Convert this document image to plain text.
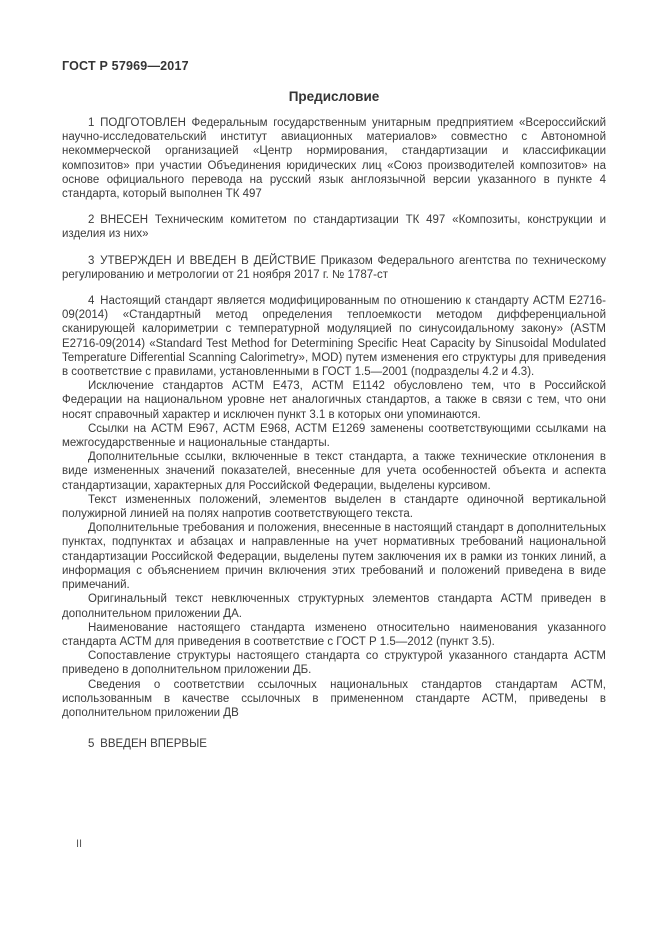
ГОСТ Р 57969—2017
Предисловие

1 ПОДГОТОВЛЕН Федеральным государственным унитарным предприятием «Всероссийский научно-исследовательский институт авиационных материалов» совместно с Автономной некоммерческой организацией «Центр нормирования, стандартизации и классификации композитов» при участии Объединения юридических лиц «Союз производителей композитов» на основе официального перевода на русский язык англоязычной версии указанного в пункте 4 стандарта, который выполнен ТК 497

2 ВНЕСЕН Техническим комитетом по стандартизации ТК 497 «Композиты, конструкции и изделия из них»

3 УТВЕРЖДЕН И ВВЕДЕН В ДЕЙСТВИЕ Приказом Федерального агентства по техническому регулированию и метрологии от 21 ноября 2017 г. № 1787-ст

4 Настоящий стандарт является модифицированным по отношению к стандарту АСТМ Е2716-09(2014) «Стандартный метод определения теплоемкости методом дифференциальной сканирующей калориметрии с температурной модуляцией по синусоидальному закону» (ASTM E2716-09(2014) «Standard Test Method for Determining Specific Heat Capacity by Sinusoidal Modulated Temperature Differential Scanning Calorimetry», MOD) путем изменения его структуры для приведения в соответствие с правилами, установленными в ГОСТ 1.5—2001 (подразделы 4.2 и 4.3).

Исключение стандартов АСТМ Е473, АСТМ Е1142 обусловлено тем, что в Российской Федерации на национальном уровне нет аналогичных стандартов, а также в связи с тем, что они носят справочный характер и исключен пункт 3.1 в которых они упоминаются.

Ссылки на АСТМ Е967, АСТМ Е968, АСТМ Е1269 заменены соответствующими ссылками на межгосударственные и национальные стандарты.

Дополнительные ссылки, включенные в текст стандарта, а также технические отклонения в виде измененных значений показателей, внесенные для учета особенностей объекта и аспекта стандартизации, характерных для Российской Федерации, выделены курсивом.

Текст измененных положений, элементов выделен в стандарте одиночной вертикальной полужирной линией на полях напротив соответствующего текста.

Дополнительные требования и положения, внесенные в настоящий стандарт в дополнительных пунктах, подпунктах и абзацах и направленные на учет нормативных требований национальной стандартизации Российской Федерации, выделены путем заключения их в рамки из тонких линий, а информация с объяснением причин включения этих требований и положений приведена в виде примечаний.

Оригинальный текст невключенных структурных элементов стандарта АСТМ приведен в дополнительном приложении ДА.

Наименование настоящего стандарта изменено относительно наименования указанного стандарта АСТМ для приведения в соответствие с ГОСТ Р 1.5—2012 (пункт 3.5).

Сопоставление структуры настоящего стандарта со структурой указанного стандарта АСТМ приведено в дополнительном приложении ДБ.

Сведения о соответствии ссылочных национальных стандартов стандартам АСТМ, использованным в качестве ссылочных в примененном стандарте АСТМ, приведены в дополнительном приложении ДВ

5 ВВЕДЕН ВПЕРВЫЕ

II
